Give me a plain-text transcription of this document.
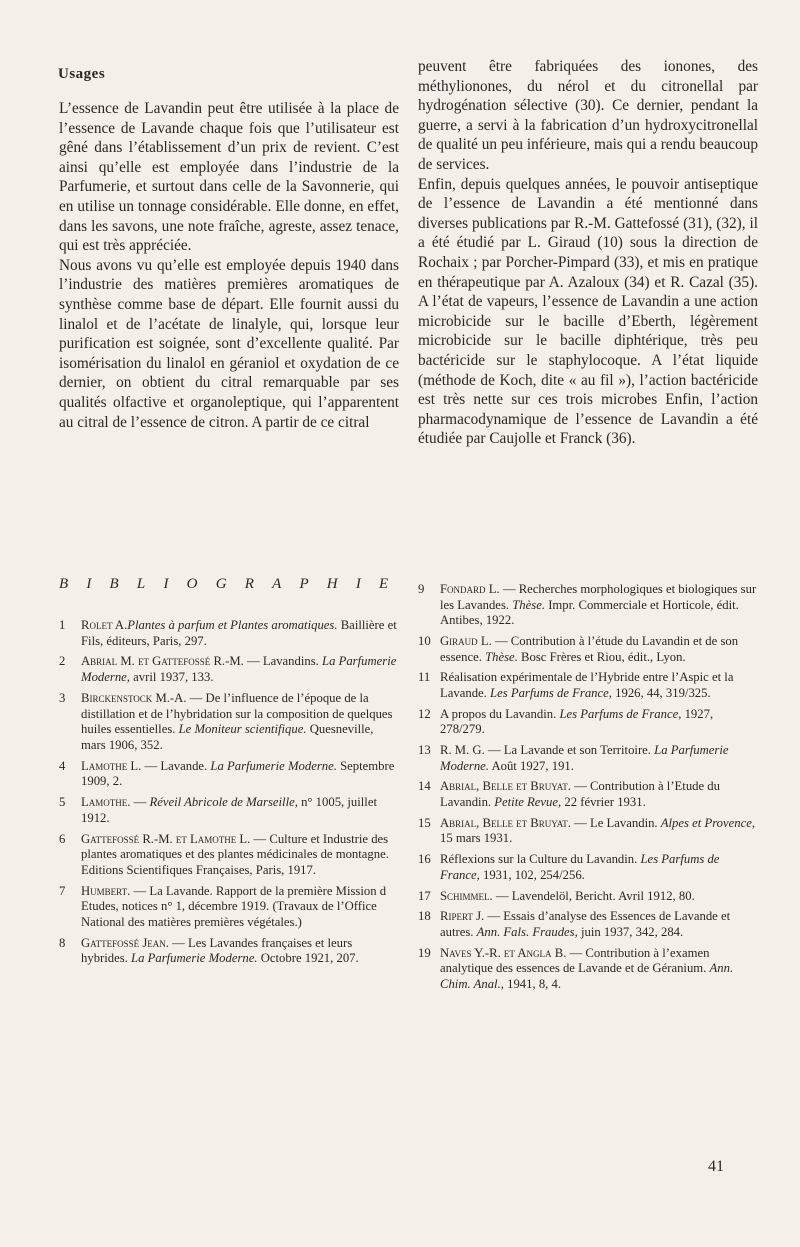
Usages

L’essence de Lavandin peut être utilisée à la place de l’essence de Lavande chaque fois que l’utilisateur est gêné dans l’établissement d’un prix de revient. C’est ainsi qu’elle est employée dans l’industrie de la Parfumerie, et surtout dans celle de la Savonnerie, qui en utilise un tonnage considérable. Elle donne, en effet, dans les savons, une note fraîche, agreste, assez tenace, qui est très appréciée.

Nous avons vu qu’elle est employée depuis 1940 dans l’industrie des matières premières aromatiques de synthèse comme base de départ. Elle fournit aussi du linalol et de l’acétate de linalyle, qui, lorsque leur purification est soignée, sont d’excellente qualité. Par isomérisation du linalol en géraniol et oxydation de ce dernier, on obtient du citral remarquable par ses qualités olfactive et organoleptique, qui l’apparentent au citral de l’essence de citron. A partir de ce citral

peuvent être fabriquées des ionones, des méthylionones, du nérol et du citronellal par hydrogénation sélective (30). Ce dernier, pendant la guerre, a servi à la fabrication d’un hydroxycitronellal de qualité un peu inférieure, mais qui a rendu beaucoup de services.

Enfin, depuis quelques années, le pouvoir antiseptique de l’essence de Lavandin a été mentionné dans diverses publications par R.-M. Gattefossé (31), (32), il a été étudié par L. Giraud (10) sous la direction de Rochaix ; par Porcher-Pimpard (33), et mis en pratique en thérapeutique par A. Azaloux (34) et R. Cazal (35). A l’état de vapeurs, l’essence de Lavandin a une action microbicide sur le bacille d’Eberth, légèrement microbicide sur le bacille diphtérique, très peu bactéricide sur le staphylocoque. A l’état liquide (méthode de Koch, dite « au fil »), l’action bactéricide est très nette sur ces trois microbes Enfin, l’action pharmacodynamique de l’essence de Lavandin a été étudiée par Caujolle et Franck (36).

BIBLIOGRAPHIE
1 Rolet A.Plantes à parfum et Plantes aromatiques. Baillière et Fils, éditeurs, Paris, 297.
2 Abrial M. et Gattefossé R.-M. — Lavandins. La Parfumerie Moderne, avril 1937, 133.
3 Birckenstock M.-A. — De l’influence de l’époque de la distillation et de l’hybridation sur la composition de quelques huiles essentielles. Le Moniteur scientifique. Quesneville, mars 1906, 352.
4 Lamothe L. — Lavande. La Parfumerie Moderne. Septembre 1909, 2.
5 Lamothe. — Réveil Abricole de Marseille, n° 1005, juillet 1912.
6 Gattefossé R.-M. et Lamothe L. — Culture et Industrie des plantes aromatiques et des plantes médicinales de montagne. Editions Scientifiques Françaises, Paris, 1917.
7 Humbert. — La Lavande. Rapport de la première Mission d Etudes, notices n° 1, décembre 1919. (Travaux de l’Office National des matières premières végétales.)
8 Gattefossé Jean. — Les Lavandes françaises et leurs hybrides. La Parfumerie Moderne. Octobre 1921, 207.
9 Fondard L. — Recherches morphologiques et biologiques sur les Lavandes. Thèse. Impr. Commerciale et Horticole, édit. Antibes, 1922.
10 Giraud L. — Contribution à l’étude du Lavandin et de son essence. Thèse. Bosc Frères et Riou, édit., Lyon.
11 Réalisation expérimentale de l’Hybride entre l’Aspic et la Lavande. Les Parfums de France, 1926, 44, 319/325.
12 A propos du Lavandin. Les Parfums de France, 1927, 278/279.
13 R. M. G. — La Lavande et son Territoire. La Parfumerie Moderne. Août 1927, 191.
14 Abrial, Belle et Bruyat. — Contribution à l’Etude du Lavandin. Petite Revue, 22 février 1931.
15 Abrial, Belle et Bruyat. — Le Lavandin. Alpes et Provence, 15 mars 1931.
16 Réflexions sur la Culture du Lavandin. Les Parfums de France, 1931, 102, 254/256.
17 Schimmel. — Lavendelöl, Bericht. Avril 1912, 80.
18 Ripert J. — Essais d’analyse des Essences de Lavande et autres. Ann. Fals. Fraudes, juin 1937, 342, 284.
19 Naves Y.-R. et Angla B. — Contribution à l’examen analytique des essences de Lavande et de Géranium. Ann. Chim. Anal., 1941, 8, 4.
41
